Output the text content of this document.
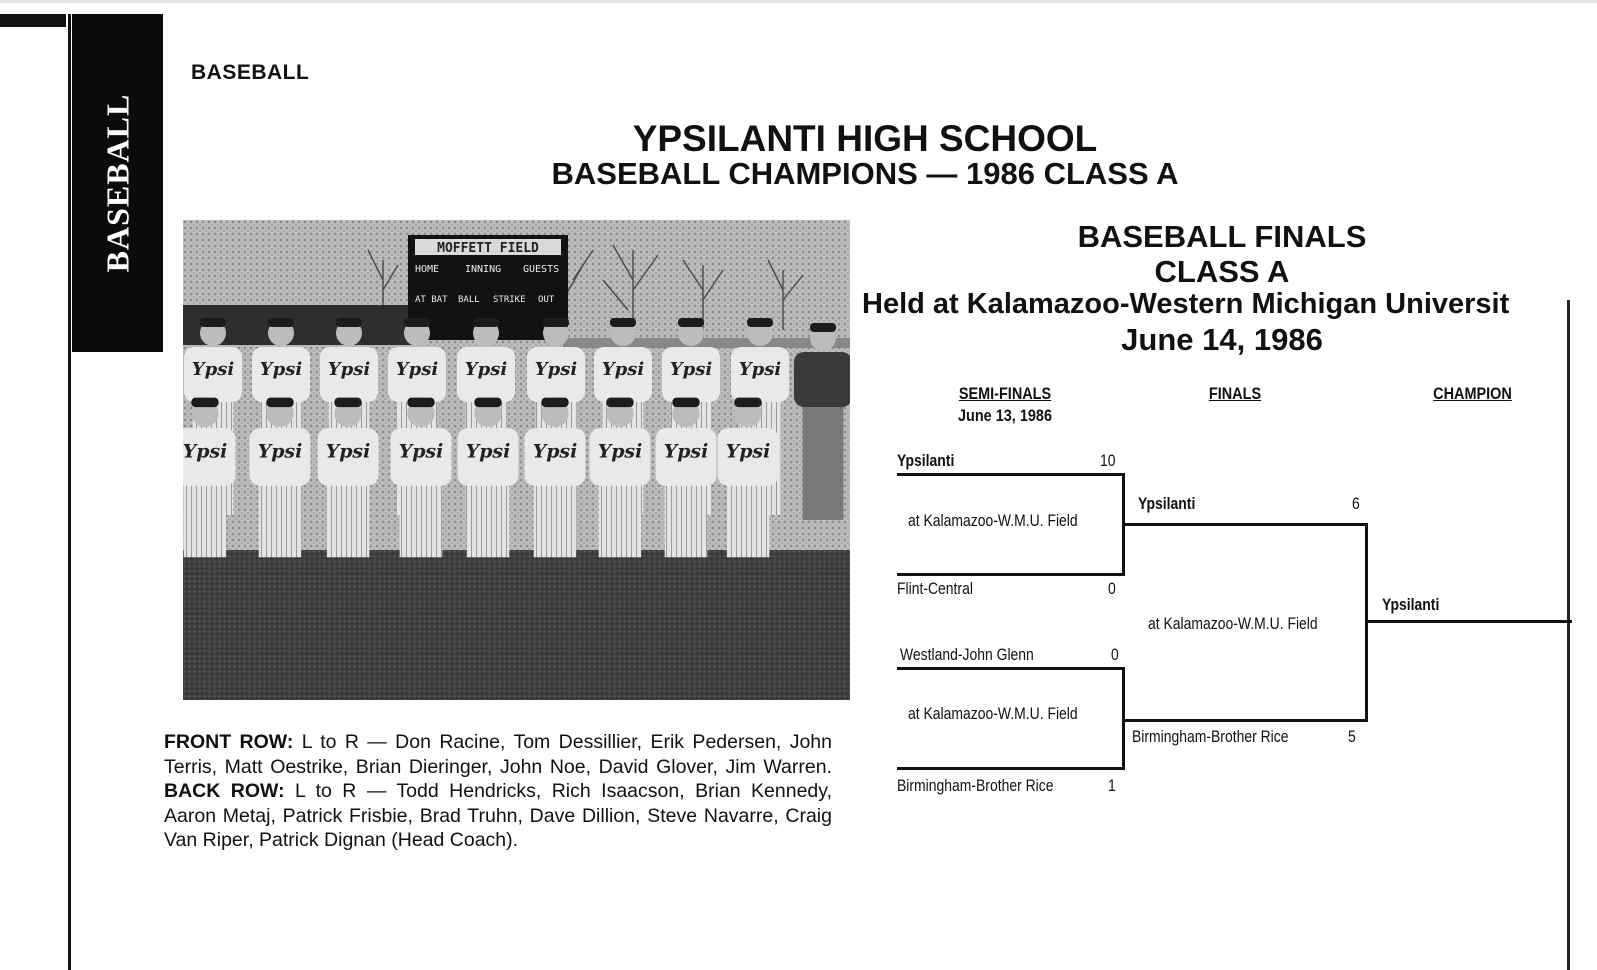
BASEBALL
BASEBALL
YPSILANTI HIGH SCHOOL
BASEBALL CHAMPIONS — 1986 CLASS A
MOFFETT FIELD
HOME	INNING GUESTS
AT BAT BALL STRIKE OUT
Ypsi Ypsi Ypsi Ypsi Ypsi Ypsi Ypsi Ypsi Ypsi
Ypsi Ypsi Ypsi Ypsi Ypsi Ypsi Ypsi Ypsi Ypsi
FRONT ROW: L to R — Don Racine, Tom Dessillier, Erik Pedersen, John Terris, Matt Oestrike, Brian Dieringer, John Noe, David Glover, Jim Warren. BACK ROW: L to R — Todd Hendricks, Rich Isaacson, Brian Kennedy, Aaron Metaj, Patrick Frisbie, Brad Truhn, Dave Dillion, Steve Navarre, Craig Van Riper, Patrick Dignan (Head Coach).
BASEBALL FINALS
CLASS A
Held at Kalamazoo-Western Michigan Universit
June 14, 1986
SEMI-FINALS
June 13, 1986
FINALS	CHAMPION
Ypsilanti	10
at Kalamazoo-W.M.U. Field
Flint-Central	0
Westland-John Glenn	0
at Kalamazoo-W.M.U. Field
Birmingham-Brother Rice	1
Ypsilanti	6
at Kalamazoo-W.M.U. Field
Birmingham-Brother Rice	5
Ypsilanti
